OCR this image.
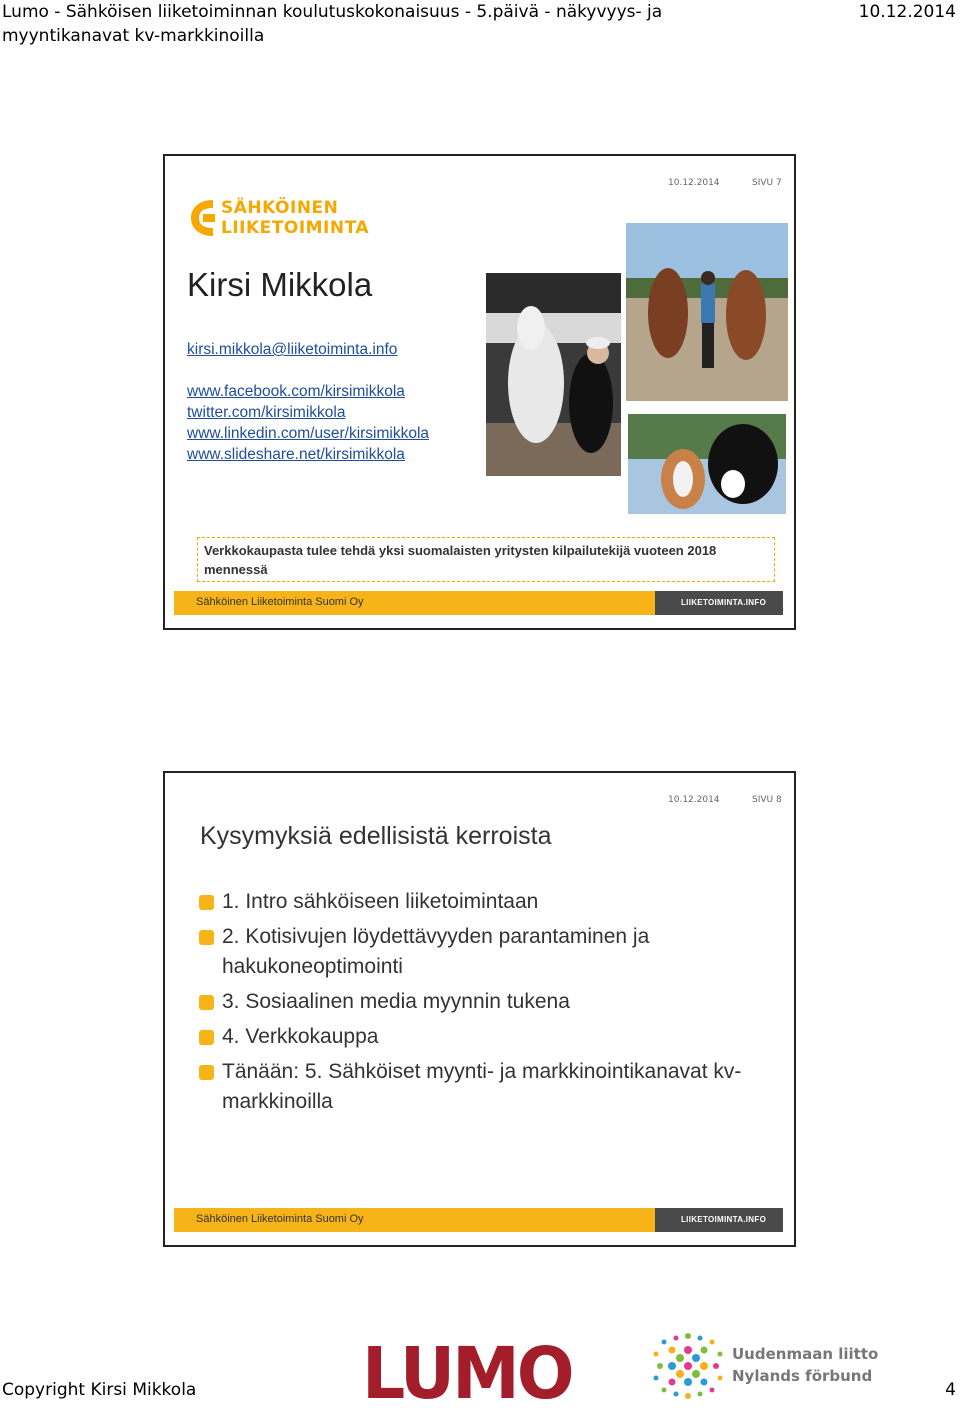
Lumo - Sähköisen liiketoiminnan koulutuskokonaisuus - 5.päivä - näkyvyys- ja myyntikanavat kv-markkinoilla
10.12.2014
10.12.2014	SIVU 7
SÄHKÖINEN
LIIKETOIMINTA
Kirsi Mikkola
kirsi.mikkola@liiketoiminta.info
www.facebook.com/kirsimikkola
twitter.com/kirsimikkola
www.linkedin.com/user/kirsimikkola
www.slideshare.net/kirsimikkola
Verkkokaupasta tulee tehdä yksi suomalaisten yritysten kilpailutekijä vuoteen 2018 mennessä
Sähköinen Liiketoiminta Suomi Oy	LIIKETOIMINTA.INFO
10.12.2014	SIVU 8
Kysymyksiä edellisistä kerroista
1. Intro sähköiseen liiketoimintaan
2. Kotisivujen löydettävyyden parantaminen ja hakukoneoptimointi
3. Sosiaalinen media myynnin tukena
4. Verkkokauppa
Tänään: 5. Sähköiset myynti- ja markkinointikanavat kv-markkinoilla
Sähköinen Liiketoiminta Suomi Oy	LIIKETOIMINTA.INFO
Copyright Kirsi Mikkola LUMO	Uudenmaan liitto
Nylands förbund
4
